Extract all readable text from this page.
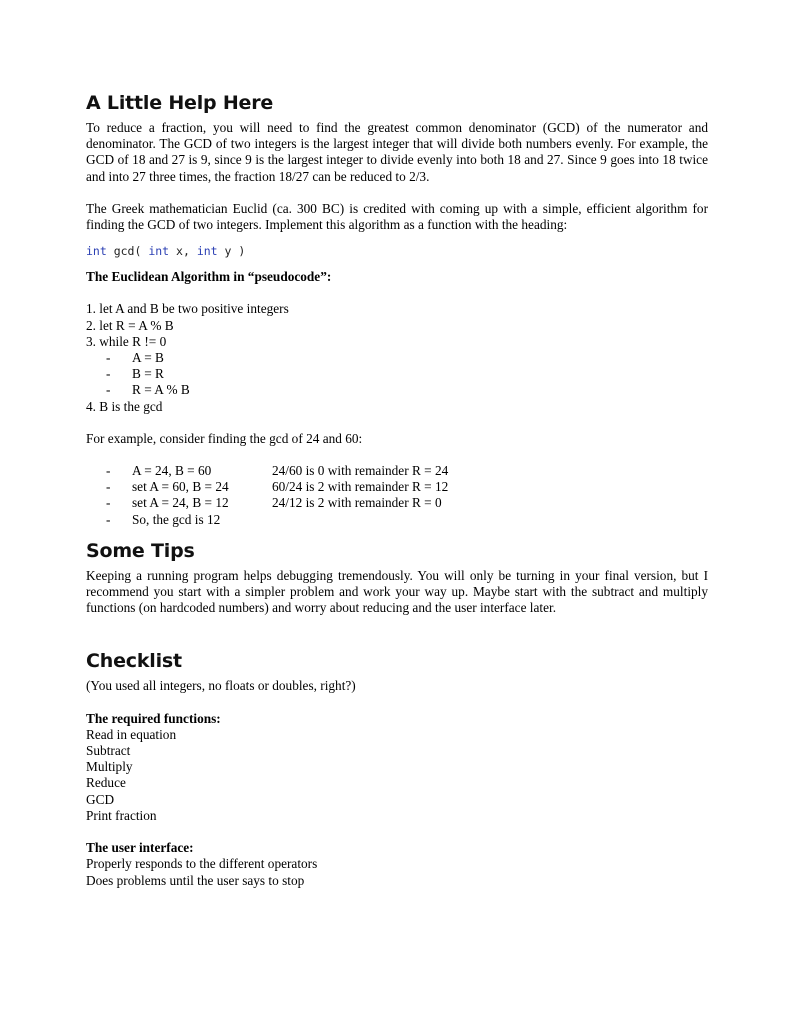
A Little Help Here

To reduce a fraction, you will need to find the greatest common denominator (GCD) of the numerator and denominator. The GCD of two integers is the largest integer that will divide both numbers evenly. For example, the GCD of 18 and 27 is 9, since 9 is the largest integer to divide evenly into both 18 and 27. Since 9 goes into 18 twice and into 27 three times, the fraction 18/27 can be reduced to 2/3.

The Greek mathematician Euclid (ca. 300 BC) is credited with coming up with a simple, efficient algorithm for finding the GCD of two integers. Implement this algorithm as a function with the heading:

int gcd( int x, int y )
The Euclidean Algorithm in “pseudocode”:
1. let A and B be two positive integers
2. let R = A % B
3. while R != 0
-	A = B
-	B = R
-	R = A % B
4. B is the gcd
For example, consider finding the gcd of 24 and 60:
-	A = 24, B = 60	24/60 is 0 with remainder R = 24
-	set A = 60, B = 24	60/24 is 2 with remainder R = 12
-	set A = 24, B = 12	24/12 is 2 with remainder R = 0
-	So, the gcd is 12
Some Tips

Keeping a running program helps debugging tremendously. You will only be turning in your final version, but I recommend you start with a simpler problem and work your way up. Maybe start with the subtract and multiply functions (on hardcoded numbers) and worry about reducing and the user interface later.

Checklist
(You used all integers, no floats or doubles, right?)
The required functions:
Read in equation
Subtract
Multiply
Reduce
GCD
Print fraction
The user interface:
Properly responds to the different operators
Does problems until the user says to stop
